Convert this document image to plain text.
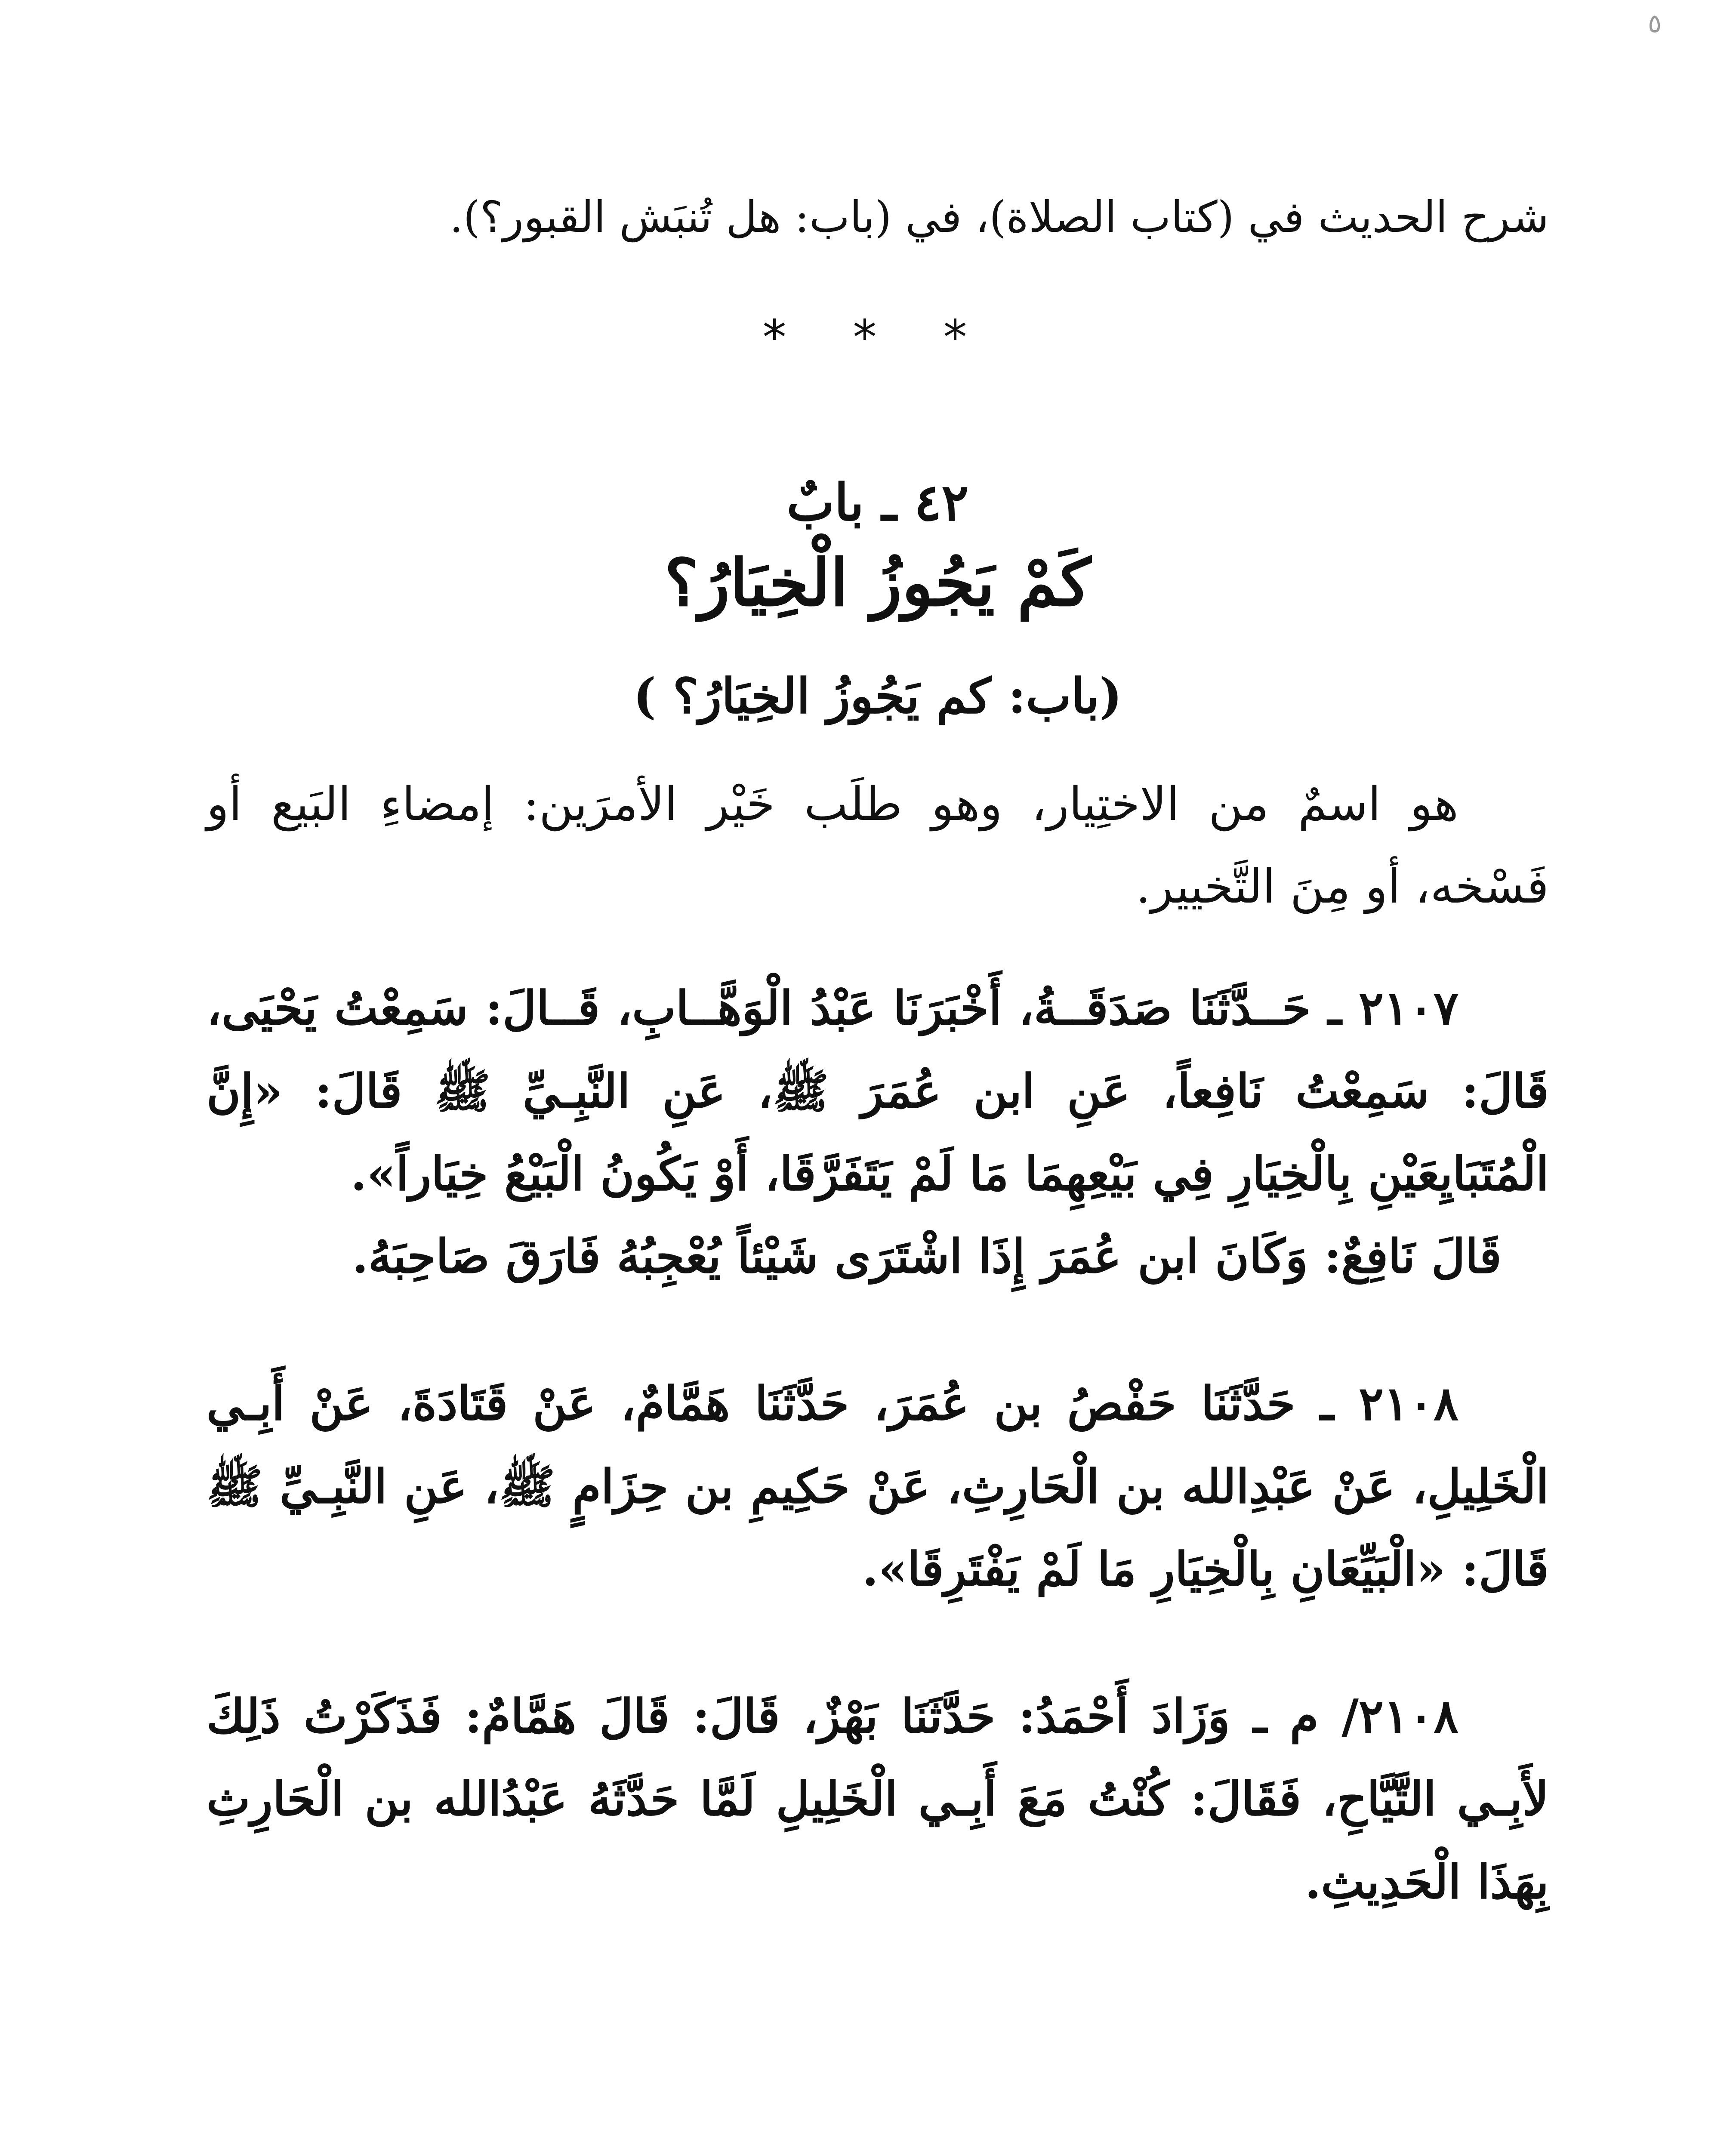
٥

شرح الحديث في (كتاب الصلاة)، في (باب: هل تُنبَش القبور؟).

* * *
٤٢ ـ بابٌ
كَمْ يَجُوزُ الْخِيَارُ؟
(باب: كم يَجُوزُ الخِيَارُ؟ )

هو اسمٌ من الاختِيار، وهو طلَب خَيْر الأمرَين: إمضاءِ البَيع أو فَسْخه، أو مِنَ التَّخيير.

٢١٠٧ ـ حَــدَّثَنَا صَدَقَــةُ، أَخْبَرَنَا عَبْدُ الْوَهَّــابِ، قَــالَ: سَمِعْتُ يَحْيَى، قَالَ: سَمِعْتُ نَافِعاً، عَنِ ابن عُمَرَ ﷺ، عَنِ النَّبِـيِّ ﷺ قَالَ: «إِنَّ الْمُتَبَايِعَيْنِ بِالْخِيَارِ فِي بَيْعِهِمَا مَا لَمْ يَتَفَرَّقَا، أَوْ يَكُونُ الْبَيْعُ خِيَاراً».

قَالَ نَافِعٌ: وَكَانَ ابن عُمَرَ إِذَا اشْتَرَى شَيْئاً يُعْجِبُهُ فَارَقَ صَاحِبَهُ.

٢١٠٨ ـ حَدَّثَنَا حَفْصُ بن عُمَرَ، حَدَّثَنَا هَمَّامٌ، عَنْ قَتَادَةَ، عَنْ أَبِـي الْخَلِيلِ، عَنْ عَبْدِالله بن الْحَارِثِ، عَنْ حَكِيمِ بن حِزَامٍ ﷺ، عَنِ النَّبِـيِّ ﷺ قَالَ: «الْبَيِّعَانِ بِالْخِيَارِ مَا لَمْ يَفْتَرِقَا».

٢١٠٨/ م ـ وَزَادَ أَحْمَدُ: حَدَّثَنَا بَهْزٌ، قَالَ: قَالَ هَمَّامٌ: فَذَكَرْتُ ذَلِكَ لأَبِـي التَّيَّاحِ، فَقَالَ: كُنْتُ مَعَ أَبِـي الْخَلِيلِ لَمَّا حَدَّثَهُ عَبْدُالله بن الْحَارِثِ بِهَذَا الْحَدِيثِ.
